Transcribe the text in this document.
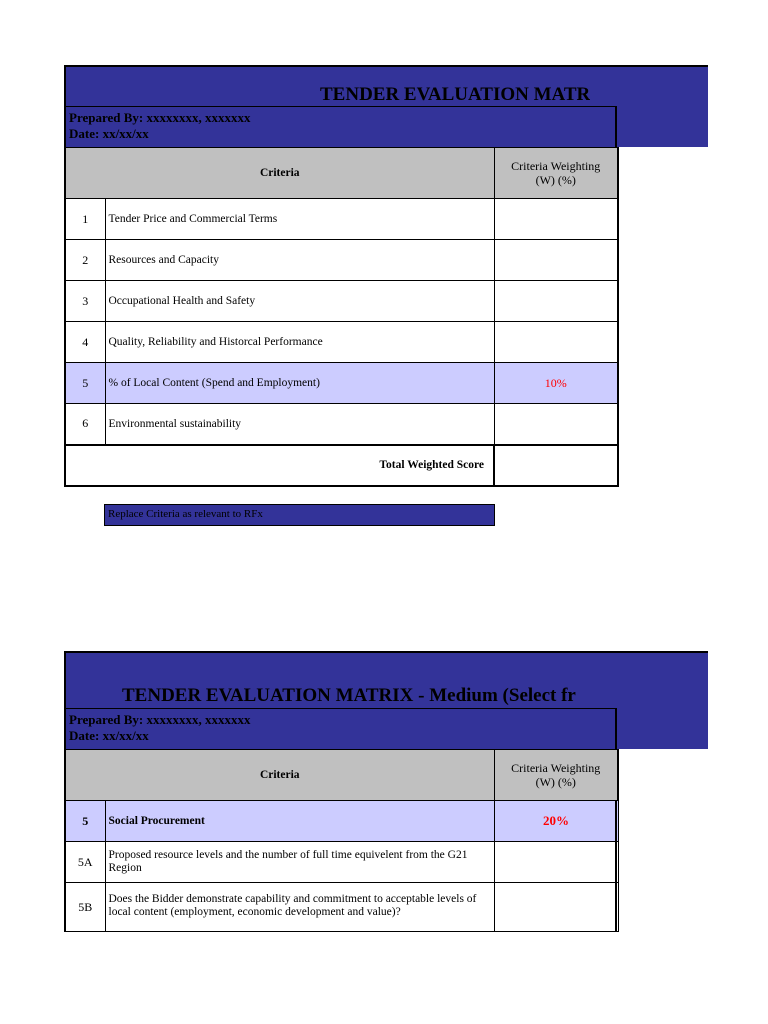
TENDER EVALUATION MATR
Prepared By: xxxxxxxx, xxxxxxx
Date: xx/xx/xx
Criteria		Criteria Weighting
(W) (%)

1	Tender Price and Commercial Terms	
2	Resources and Capacity	
3	Occupational Health and Safety	
4	Quality, Reliability and Historcal Performance	
5	% of Local Content (Spend and Employment)	10%
6	Environmental sustainability	
Total Weighted Score		
Replace Criteria as relevant to RFx
TENDER EVALUATION MATRIX - Medium (Select fr
Prepared By: xxxxxxxx, xxxxxxx
Date: xx/xx/xx
Criteria		Criteria Weighting
(W) (%)

5	Social Procurement	20%
5A	Proposed resource levels and the number of full time equivelent from the G21 Region	
5B	Does the Bidder demonstrate capability and commitment to acceptable levels of local content (employment, economic development and value)?	
